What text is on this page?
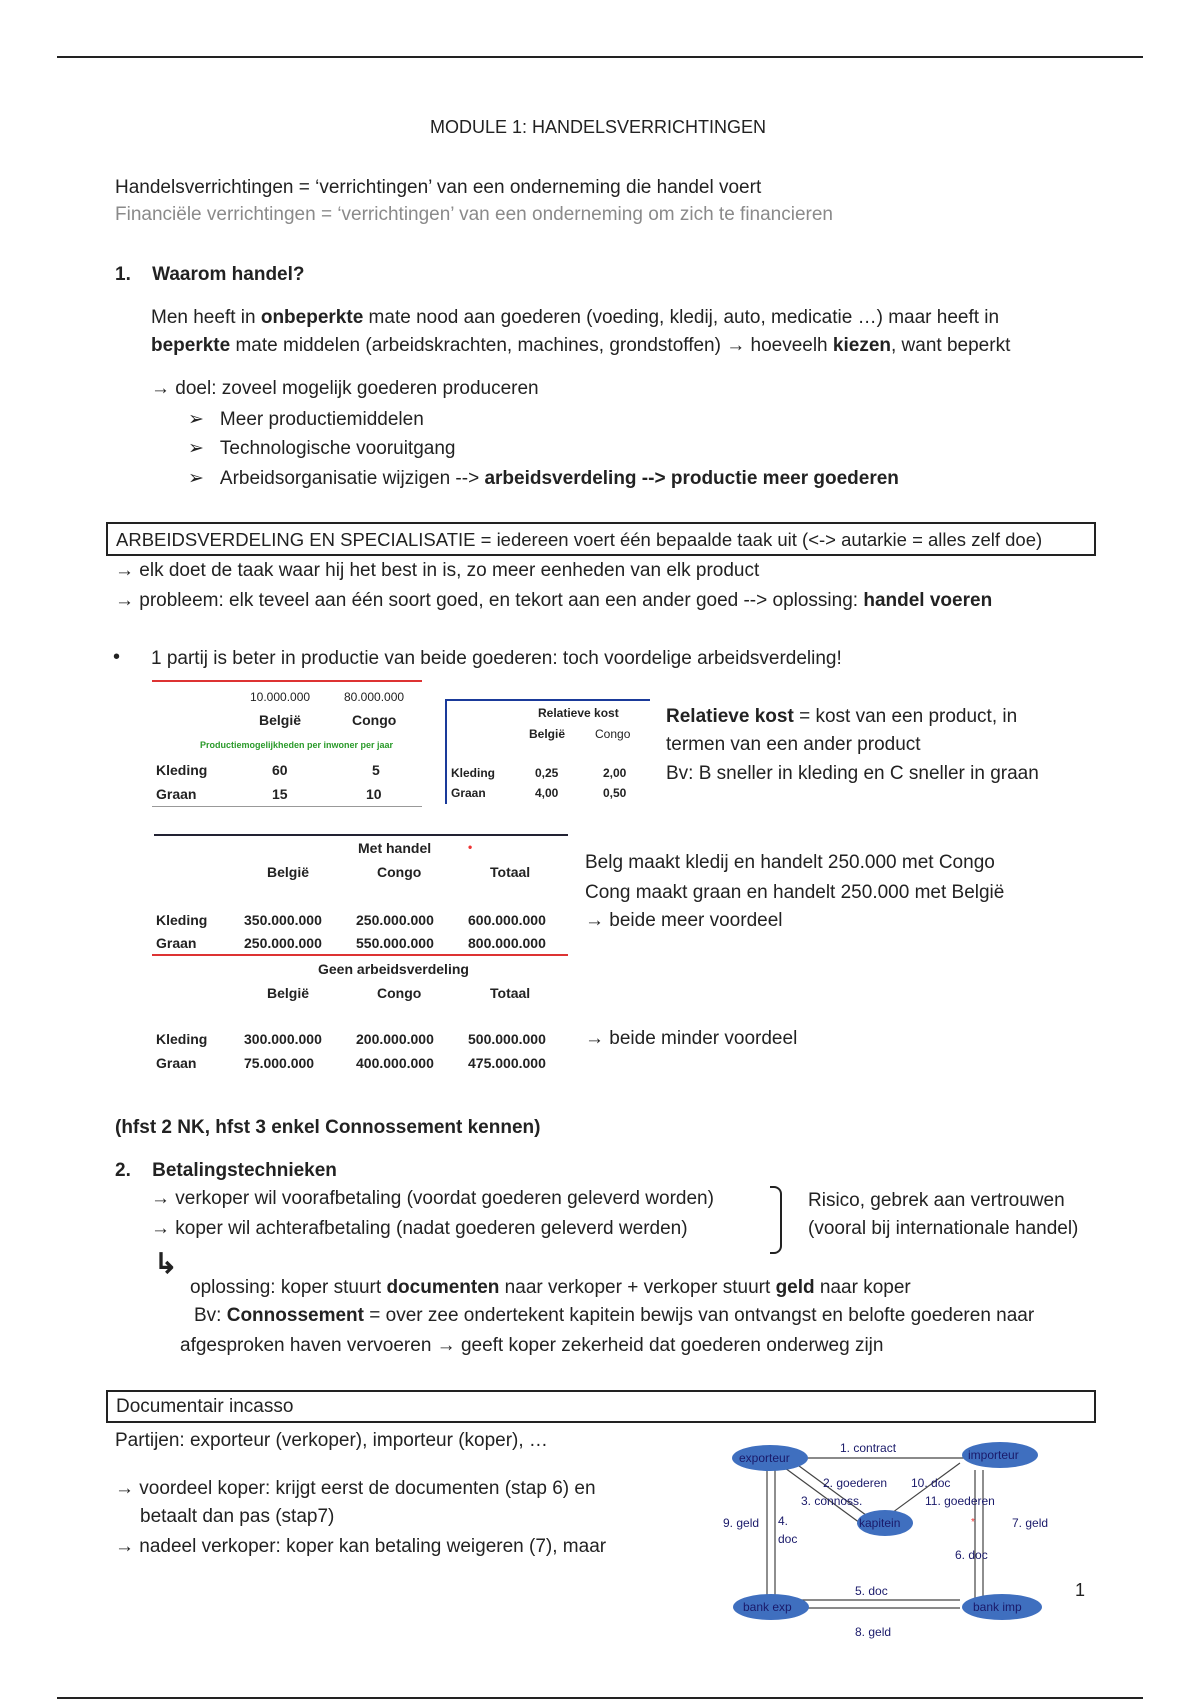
MODULE 1: HANDELSVERRICHTINGEN
Handelsverrichtingen = ‘verrichtingen’ van een onderneming die handel voert
Financiële verrichtingen = ‘verrichtingen’ van een onderneming om zich te financieren
1. Waarom handel?
Men heeft in onbeperkte mate nood aan goederen (voeding, kledij, auto, medicatie …) maar heeft in
beperkte mate middelen (arbeidskrachten, machines, grondstoffen) → hoeveelh kiezen, want beperkt
→ doel: zoveel mogelijk goederen produceren
➢ Meer productiemiddelen
➢ Technologische vooruitgang
➢ Arbeidsorganisatie wijzigen --> arbeidsverdeling --> productie meer goederen
ARBEIDSVERDELING EN SPECIALISATIE = iedereen voert één bepaalde taak uit (<-> autarkie = alles zelf doe)
→ elk doet de taak waar hij het best in is, zo meer eenheden van elk product
→ probleem: elk teveel aan één soort goed, en tekort aan een ander goed --> oplossing: handel voeren
• 1 partij is beter in productie van beide goederen: toch voordelige arbeidsverdeling!
10.000.000	80.000.000
België	Congo
Productiemogelijkheden per inwoner per jaar
Kleding	60	5
Graan	15	10
Relatieve kost
België Congo
Kleding	0,25	2,00
Graan	4,00	0,50
Relatieve kost = kost van een product, in
termen van een ander product
Bv: B sneller in kleding en C sneller in graan
Met handel	•
België	Congo	Totaal
Kleding	350.000.000 250.000.000 600.000.000
Graan	250.000.000 550.000.000 800.000.000
Geen arbeidsverdeling
België	Congo	Totaal
Kleding	300.000.000 200.000.000 500.000.000
Graan	75.000.000	400.000.000 475.000.000
Belg maakt kledij en handelt 250.000 met Congo
Cong maakt graan en handelt 250.000 met België
→ beide meer voordeel
→ beide minder voordeel
(hfst 2 NK, hfst 3 enkel Connossement kennen)
2. Betalingstechnieken
→ verkoper wil voorafbetaling (voordat goederen geleverd worden)
→ koper wil achterafbetaling (nadat goederen geleverd werden)
Risico, gebrek aan vertrouwen
(vooral bij internationale handel)
↳
oplossing: koper stuurt documenten naar verkoper + verkoper stuurt geld naar koper
Bv: Connossement = over zee ondertekent kapitein bewijs van ontvangst en belofte goederen naar
afgesproken haven vervoeren → geeft koper zekerheid dat goederen onderweg zijn
Documentair incasso
Partijen: exporteur (verkoper), importeur (koper), …
→ voordeel koper: krijgt eerst de documenten (stap 6) en
betaalt dan pas (stap7)
→ nadeel verkoper: koper kan betaling weigeren (7), maar
exporteur	importeur
kapitein
bank exp	bank imp
1. contract
2. goederen
3. connoss.
10. doc
11. goederen
9. geld 4.
doc
7. geld
6. doc
5. doc
8. geld
*
1
